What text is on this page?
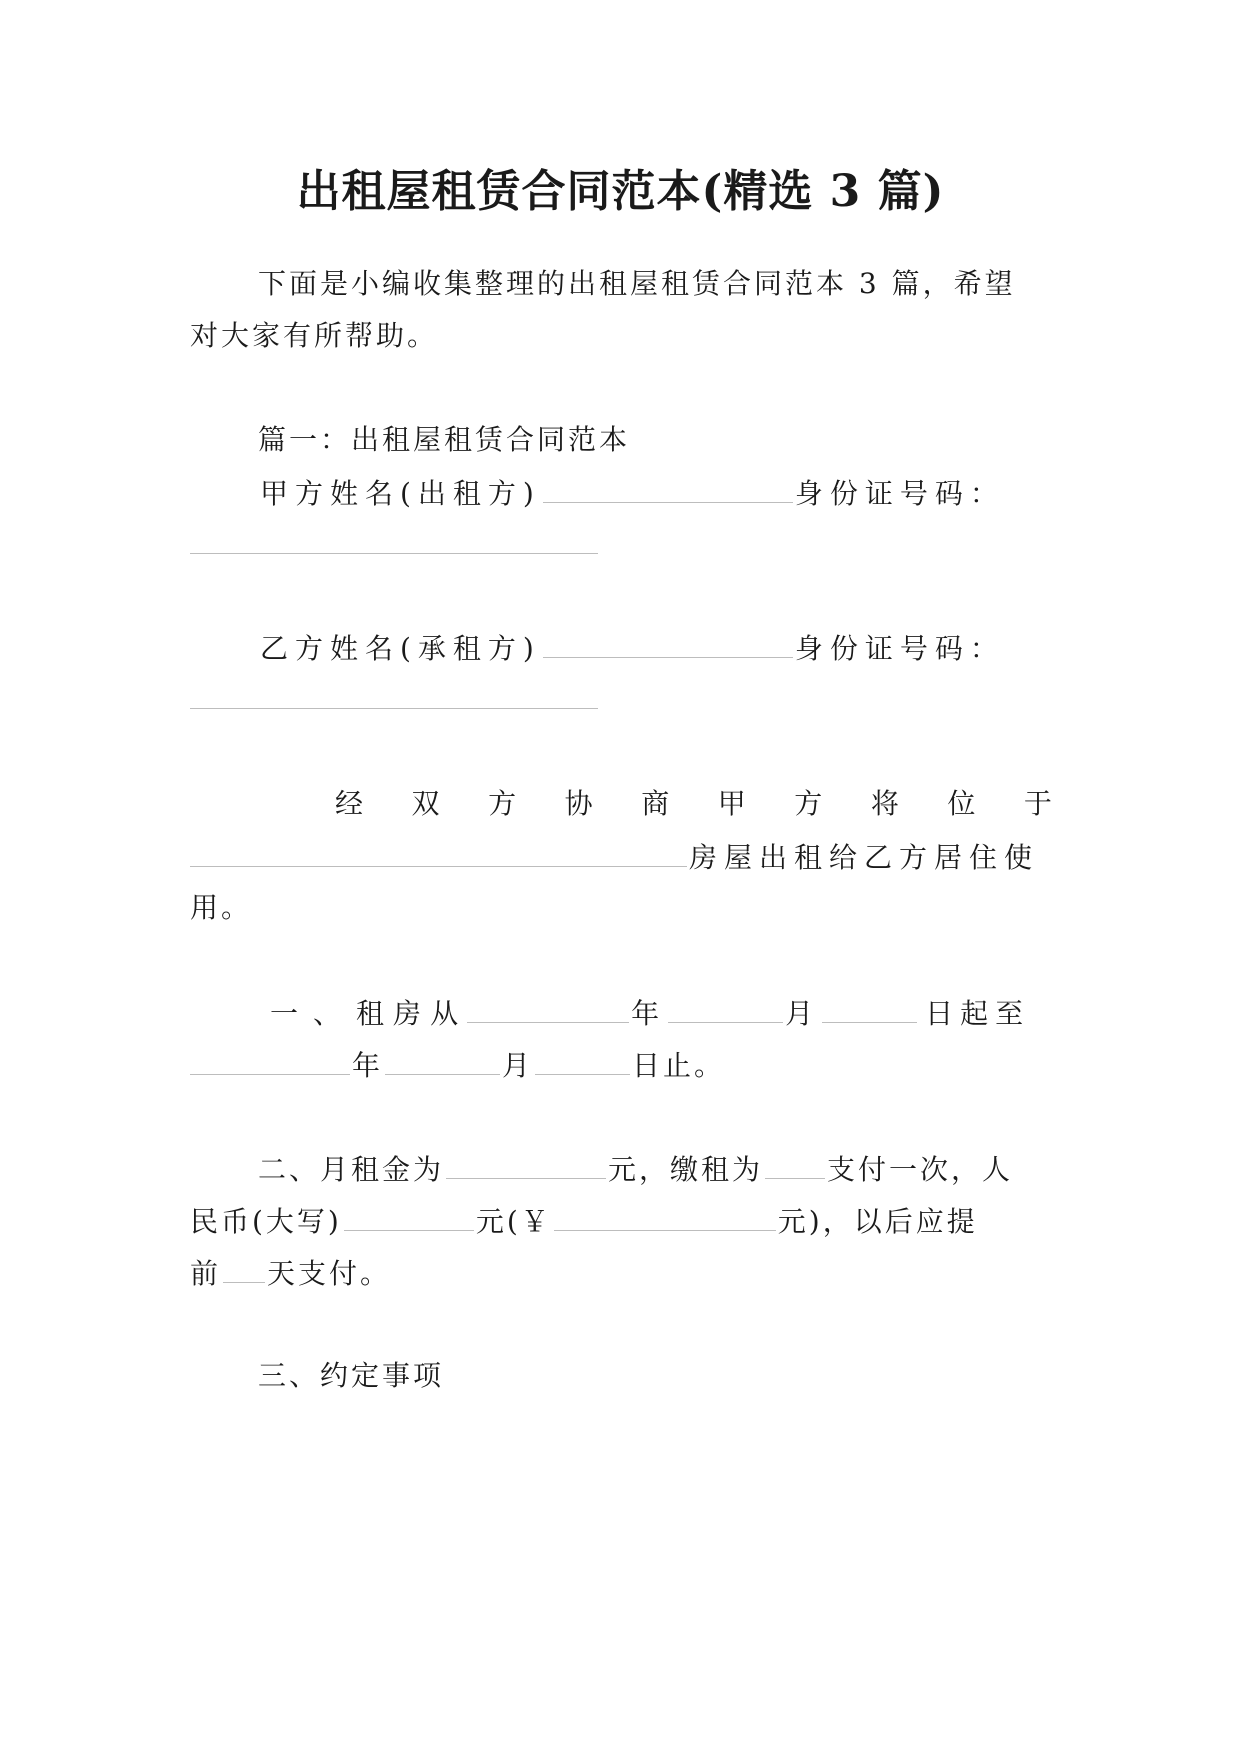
出租屋租赁合同范本(精选 3 篇)
下面是小编收集整理的出租屋租赁合同范本 3 篇，希望
对大家有所帮助。
篇一：出租屋租赁合同范本
甲方姓名(出租方)	身份证号码：
乙方姓名(承租方)	身份证号码：
经 双 方 协 商 甲 方 将 位 于
房屋出租给乙方居住使
用。
一 、 租房从	年	月	日起至
年	月	日止。
二、月租金为	元，缴租为 支付一次，人
民币(大写)	元(￥	元)，以后应提
前 天支付。
三、约定事项
